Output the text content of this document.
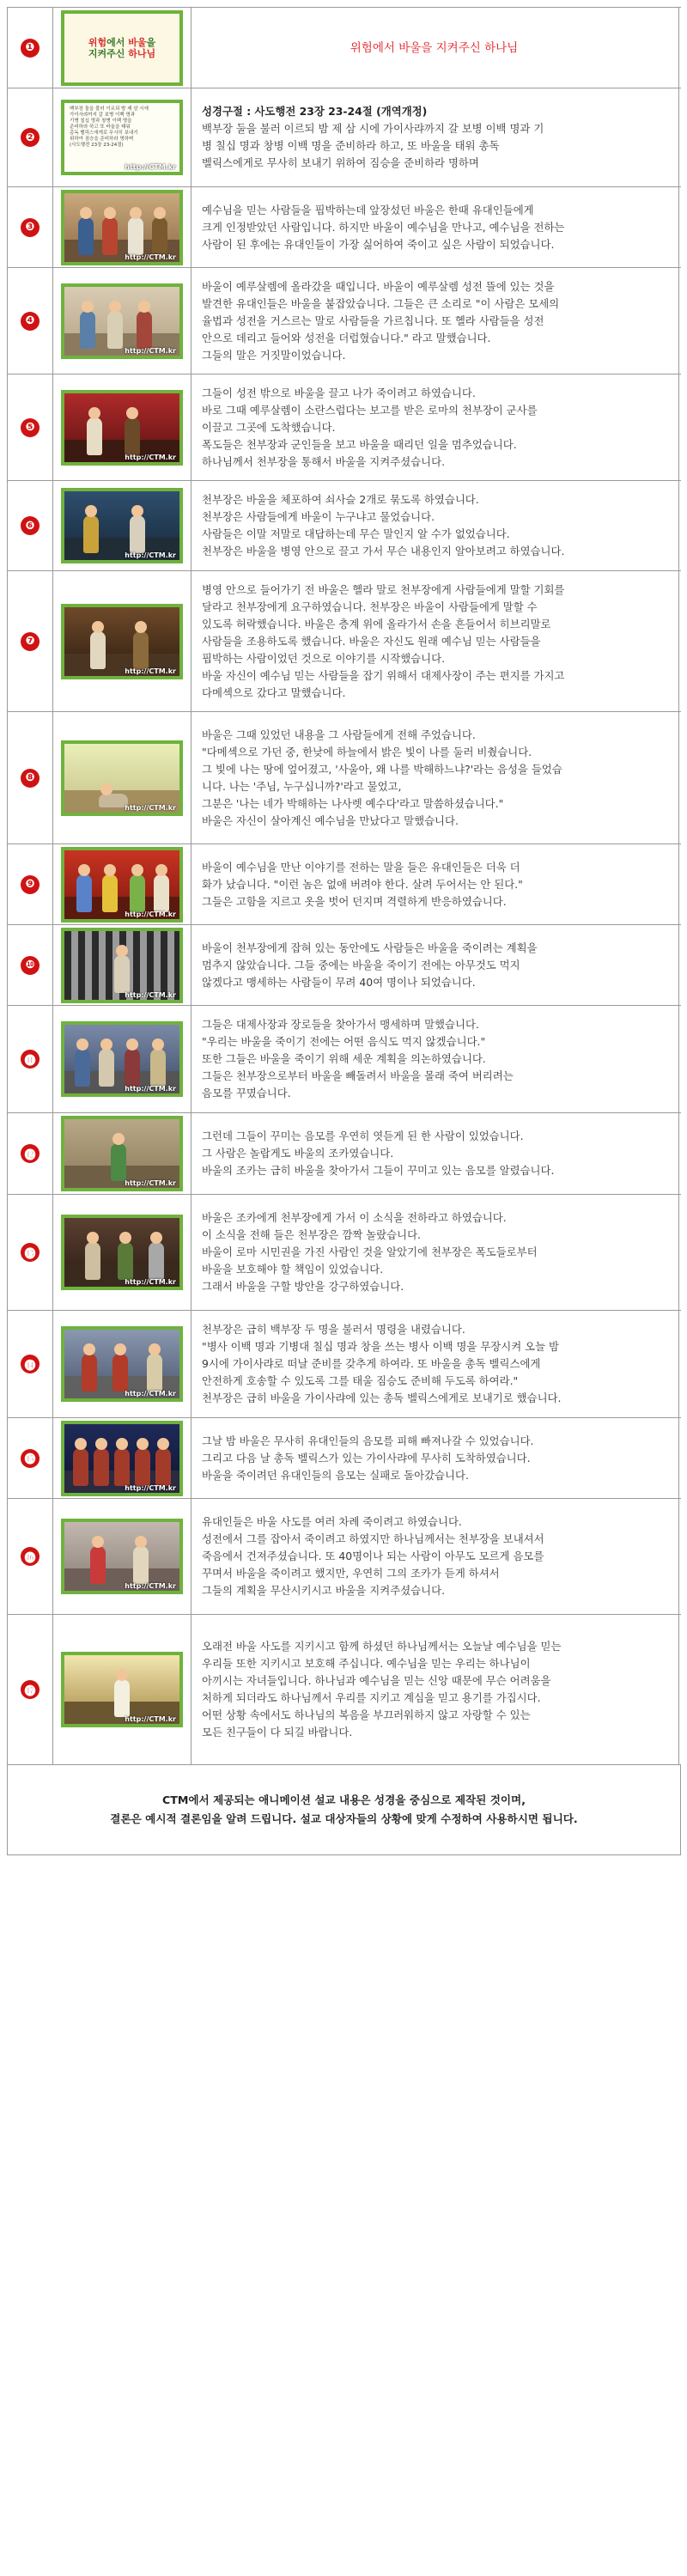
❶	위험에서 바울을
지켜주신 하나님	위험에서 바울을 지켜주신 하나님
❷
백부장 둘을 불러 이르되 밤 제 삼 시에
가이사랴까지 갈 보병 이백 명과
기병 칠십 명과 창병 이백 명을
준비하라 하고 또 바울을 태워
총독 벨릭스에게로 무사히 보내기
위하여 짐승을 준비하라 명하며
(사도행전 23장 23-24절)
http://CTM.kr
성경구절 : 사도행전 23장 23-24절 (개역개정)
백부장 둘을 불러 이르되 밤 제 삼 시에 가이사랴까지 갈 보병 이백 명과 기
병 칠십 명과 창병 이백 명을 준비하라 하고, 또 바울을 태워 총독
벨릭스에게로 무사히 보내기 위하여 짐승을 준비하라 명하며
❸
http://CTM.kr
예수님을 믿는 사람들을 핍박하는데 앞장섰던 바울은 한때 유대인들에게
크게 인정받았던 사람입니다. 하지만 바울이 예수님을 만나고, 예수님을 전하는
사람이 된 후에는 유대인들이 가장 싫어하여 죽이고 싶은 사람이 되었습니다.
❹
http://CTM.kr
바울이 예루살렘에 올라갔을 때입니다. 바울이 예루살렘 성전 뜰에 있는 것을
발견한 유대인들은 바울을 붙잡았습니다. 그들은 큰 소리로 "이 사람은 모세의
율법과 성전을 거스르는 말로 사람들을 가르칩니다. 또 헬라 사람들을 성전
안으로 데리고 들어와 성전을 더럽혔습니다." 라고 말했습니다.
그들의 말은 거짓말이었습니다.
❺
http://CTM.kr
그들이 성전 밖으로 바울을 끌고 나가 죽이려고 하였습니다.
바로 그때 예루살렘이 소란스럽다는 보고를 받은 로마의 천부장이 군사를
이끌고 그곳에 도착했습니다.
폭도들은 천부장과 군인들을 보고 바울을 때리던 일을 멈추었습니다.
하나님께서 천부장을 통해서 바울을 지켜주셨습니다.
❻
http://CTM.kr
천부장은 바울을 체포하여 쇠사슬 2개로 묶도록 하였습니다.
천부장은 사람들에게 바울이 누구냐고 물었습니다.
사람들은 이말 저말로 대답하는데 무슨 말인지 알 수가 없었습니다.
천부장은 바울을 병영 안으로 끌고 가서 무슨 내용인지 알아보려고 하였습니다.
❼
http://CTM.kr
병영 안으로 들어가기 전 바울은 헬라 말로 천부장에게 사람들에게 말할 기회를
달라고 천부장에게 요구하였습니다. 천부장은 바울이 사람들에게 말할 수
있도록 허락했습니다. 바울은 층계 위에 올라가서 손을 흔들어서 히브리말로
사람들을 조용하도록 했습니다. 바울은 자신도 원래 예수님 믿는 사람들을
핍박하는 사람이었던 것으로 이야기를 시작했습니다.
바울 자신이 예수님 믿는 사람들을 잡기 위해서 대제사장이 주는 편지를 가지고
다메섹으로 갔다고 말했습니다.
❽
http://CTM.kr
바울은 그때 있었던 내용을 그 사람들에게 전해 주었습니다.
"다메섹으로 가던 중, 한낮에 하늘에서 밝은 빛이 나를 둘러 비췄습니다.
그 빛에 나는 땅에 엎어졌고, '사울아, 왜 나를 박해하느냐?'라는 음성을 들었습
니다. 나는 '주님, 누구십니까?'라고 물었고,
그분은 '나는 네가 박해하는 나사렛 예수다'라고 말씀하셨습니다."
바울은 자신이 살아계신 예수님을 만났다고 말했습니다.
❾
http://CTM.kr
바울이 예수님을 만난 이야기를 전하는 말을 들은 유대인들은 더욱 더
화가 났습니다. "이런 놈은 없애 버려야 한다. 살려 두어서는 안 된다."
그들은 고함을 지르고 옷을 벗어 던지며 격렬하게 반응하였습니다.
❿
http://CTM.kr
바울이 천부장에게 잡혀 있는 동안에도 사람들은 바울을 죽이려는 계획을
멈추지 않았습니다. 그들 중에는 바울을 죽이기 전에는 아무것도 먹지
않겠다고 맹세하는 사람들이 무려 40여 명이나 되었습니다.
⓫
http://CTM.kr
그들은 대제사장과 장로들을 찾아가서 맹세하며 말했습니다.
"우리는 바울을 죽이기 전에는 어떤 음식도 먹지 않겠습니다."
또한 그들은 바울을 죽이기 위해 세운 계획을 의논하였습니다.
그들은 천부장으로부터 바울을 빼돌려서 바울을 몰래 죽여 버리려는
음모를 꾸몄습니다.
⓬
http://CTM.kr
그런데 그들이 꾸미는 음모를 우연히 엿듣게 된 한 사람이 있었습니다.
그 사람은 놀랍게도 바울의 조카였습니다.
바울의 조카는 급히 바울을 찾아가서 그들이 꾸미고 있는 음모를 알렸습니다.
⓭
http://CTM.kr
바울은 조카에게 천부장에게 가서 이 소식을 전하라고 하였습니다.
이 소식을 전해 들은 천부장은 깜짝 놀랐습니다.
바울이 로마 시민권을 가진 사람인 것을 알았기에 천부장은 폭도들로부터
바울을 보호해야 할 책임이 있었습니다.
그래서 바울을 구할 방안을 강구하였습니다.
⓮
http://CTM.kr
천부장은 급히 백부장 두 명을 불러서 명령을 내렸습니다.
"병사 이백 명과 기병대 칠십 명과 창을 쓰는 병사 이백 명을 무장시켜 오늘 밤
9시에 가이사랴로 떠날 준비를 갖추게 하여라. 또 바울을 총독 벨릭스에게
안전하게 호송할 수 있도록 그를 태울 짐승도 준비해 두도록 하여라."
천부장은 급히 바울을 가이사랴에 있는 총독 벨릭스에게로 보내기로 했습니다.
⓯
http://CTM.kr
그날 밤 바울은 무사히 유대인들의 음모를 피해 빠져나갈 수 있었습니다.
그리고 다음 날 총독 벨릭스가 있는 가이사랴에 무사히 도착하였습니다.
바울을 죽이려던 유대인들의 음모는 실패로 돌아갔습니다.
⓰
http://CTM.kr
유대인들은 바울 사도를 여러 차례 죽이려고 하였습니다.
성전에서 그를 잡아서 죽이려고 하였지만 하나님께서는 천부장을 보내셔서
죽음에서 건져주셨습니다. 또 40명이나 되는 사람이 아무도 모르게 음모를
꾸며서 바울을 죽이려고 했지만, 우연히 그의 조카가 듣게 하셔서
그들의 계획을 무산시키시고 바울을 지켜주셨습니다.
⓱
http://CTM.kr
오래전 바울 사도를 지키시고 함께 하셨던 하나님께서는 오늘날 예수님을 믿는
우리들 또한 지키시고 보호해 주십니다. 예수님을 믿는 우리는 하나님이
아끼시는 자녀들입니다. 하나님과 예수님을 믿는 신앙 때문에 무슨 어려움을
처하게 되더라도 하나님께서 우리를 지키고 계심을 믿고 용기를 가집시다.
어떤 상황 속에서도 하나님의 복음을 부끄러워하지 않고 자랑할 수 있는
모든 친구들이 다 되길 바랍니다.
CTM에서 제공되는 애니메이션 설교 내용은 성경을 중심으로 제작된 것이며,
결론은 예시적 결론임을 알려 드립니다. 설교 대상자들의 상황에 맞게 수정하여 사용하시면 됩니다.
